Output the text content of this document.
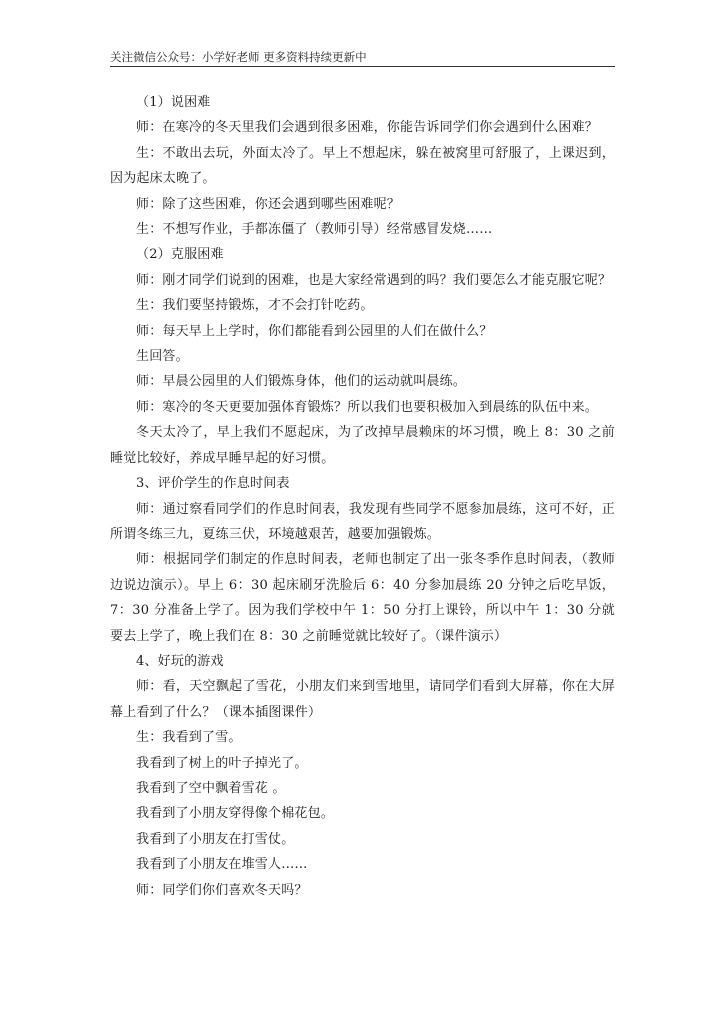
关注微信公众号：小学好老师 更多资料持续更新中

（1）说困难

师：在寒冷的冬天里我们会遇到很多困难，你能告诉同学们你会遇到什么困难？

生：不敢出去玩，外面太冷了。早上不想起床，躲在被窝里可舒服了，上课迟到，因为起床太晚了。

师：除了这些困难，你还会遇到哪些困难呢？

生：不想写作业，手都冻僵了（教师引导）经常感冒发烧……

（2）克服困难

师：刚才同学们说到的困难，也是大家经常遇到的吗？我们要怎么才能克服它呢？

生：我们要坚持锻炼，才不会打针吃药。

师：每天早上上学时，你们都能看到公园里的人们在做什么？

生回答。

师：早晨公园里的人们锻炼身体，他们的运动就叫晨练。

师：寒冷的冬天更要加强体育锻炼？所以我们也要积极加入到晨练的队伍中来。

冬天太冷了，早上我们不愿起床，为了改掉早晨赖床的坏习惯，晚上 8：30 之前睡觉比较好，养成早睡早起的好习惯。

3、评价学生的作息时间表

师：通过察看同学们的作息时间表，我发现有些同学不愿参加晨练，这可不好，正所谓冬练三九，夏练三伏，环境越艰苦，越要加强锻炼。

师：根据同学们制定的作息时间表，老师也制定了出一张冬季作息时间表，（教师边说边演示）。早上 6：30 起床刷牙洗脸后 6：40 分参加晨练 20 分钟之后吃早饭，7：30 分准备上学了。因为我们学校中午 1：50 分打上课铃，所以中午 1：30 分就要去上学了，晚上我们在 8：30 之前睡觉就比较好了。（课件演示）

4、好玩的游戏

师：看，天空飘起了雪花，小朋友们来到雪地里，请同学们看到大屏幕，你在大屏幕上看到了什么？（课本插图课件）

生：我看到了雪。

我看到了树上的叶子掉光了。

我看到了空中飘着雪花 。

我看到了小朋友穿得像个棉花包。

我看到了小朋友在打雪仗。

我看到了小朋友在堆雪人……

师：同学们你们喜欢冬天吗？
